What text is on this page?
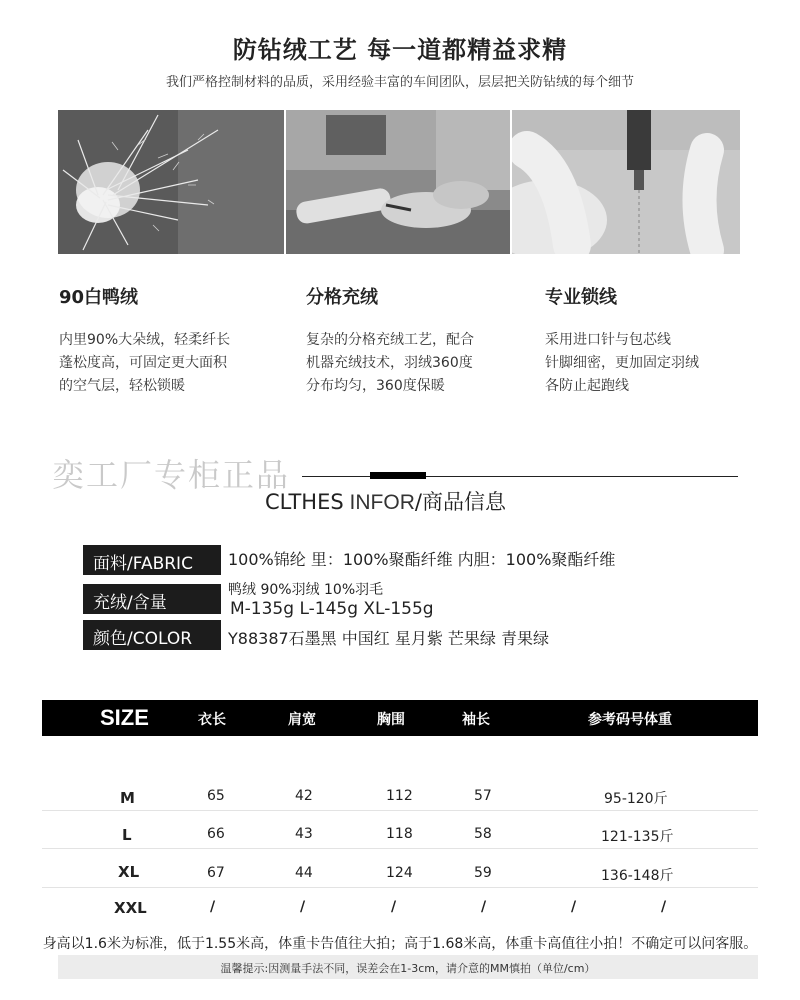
防钻绒工艺 每一道都精益求精
我们严格控制材料的品质，采用经验丰富的车间团队，层层把关防钻绒的每个细节
90白鸭绒	分格充绒	专业锁线
内里90%大朵绒，轻柔纤长
蓬松度高，可固定更大面积
的空气层，轻松锁暖
复杂的分格充绒工艺，配合
机器充绒技术，羽绒360度
分布均匀，360度保暖
采用进口针与包芯线
针脚细密，更加固定羽绒
各防止起跑线
奕工厂专柜正品
CLTHES INFOR/商品信息
面料/FABRIC 100%锦纶 里：100%聚酯纤维 内胆：100%聚酯纤维
充绒/含量
鸭绒 90%羽绒 10%羽毛
M-135g L-145g XL-155g
颜色/COLOR Y88387石墨黑 中国红 星月紫 芒果绿 青果绿
SIZE	衣长	肩宽	胸围	袖长	参考码号体重
M	65	42	112	57	95-120斤
L	66	43	118	58	121-135斤
XL	67	44	124	59	136-148斤
XXL	/	/	/	/	/	/
身高以1.6米为标准，低于1.55米高，体重卡告值往大拍；高于1.68米高，体重卡高值往小拍！不确定可以问客服。
温馨提示:因测量手法不同，误差会在1-3cm，请介意的MM慎拍（单位/cm）
